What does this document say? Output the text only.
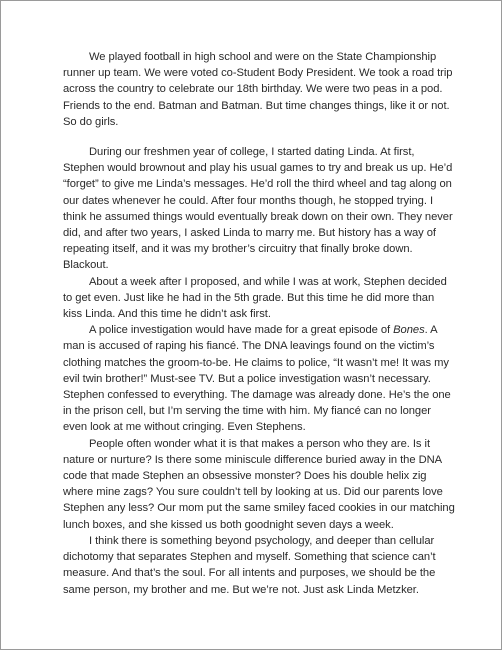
We played football in high school and were on the State Championship runner up team. We were voted co-Student Body President. We took a road trip across the country to celebrate our 18th birthday. We were two peas in a pod. Friends to the end. Batman and Batman. But time changes things, like it or not. So do girls.

During our freshmen year of college, I started dating Linda. At first, Stephen would brownout and play his usual games to try and break us up. He’d “forget” to give me Linda’s messages. He’d roll the third wheel and tag along on our dates whenever he could. After four months though, he stopped trying. I think he assumed things would eventually break down on their own. They never did, and after two years, I asked Linda to marry me. But history has a way of repeating itself, and it was my brother’s circuitry that finally broke down. Blackout.

About a week after I proposed, and while I was at work, Stephen decided to get even. Just like he had in the 5th grade. But this time he did more than kiss Linda. And this time he didn’t ask first.

A police investigation would have made for a great episode of Bones. A man is accused of raping his fiancé. The DNA leavings found on the victim’s clothing matches the groom-to-be. He claims to police, “It wasn’t me! It was my evil twin brother!” Must-see TV. But a police investigation wasn’t necessary. Stephen confessed to everything. The damage was already done. He’s the one in the prison cell, but I’m serving the time with him. My fiancé can no longer even look at me without cringing. Even Stephens.

People often wonder what it is that makes a person who they are. Is it nature or nurture? Is there some miniscule difference buried away in the DNA code that made Stephen an obsessive monster? Does his double helix zig where mine zags? You sure couldn’t tell by looking at us. Did our parents love Stephen any less? Our mom put the same smiley faced cookies in our matching lunch boxes, and she kissed us both goodnight seven days a week.

I think there is something beyond psychology, and deeper than cellular dichotomy that separates Stephen and myself. Something that science can’t measure. And that’s the soul. For all intents and purposes, we should be the same person, my brother and me. But we’re not. Just ask Linda Metzker.
